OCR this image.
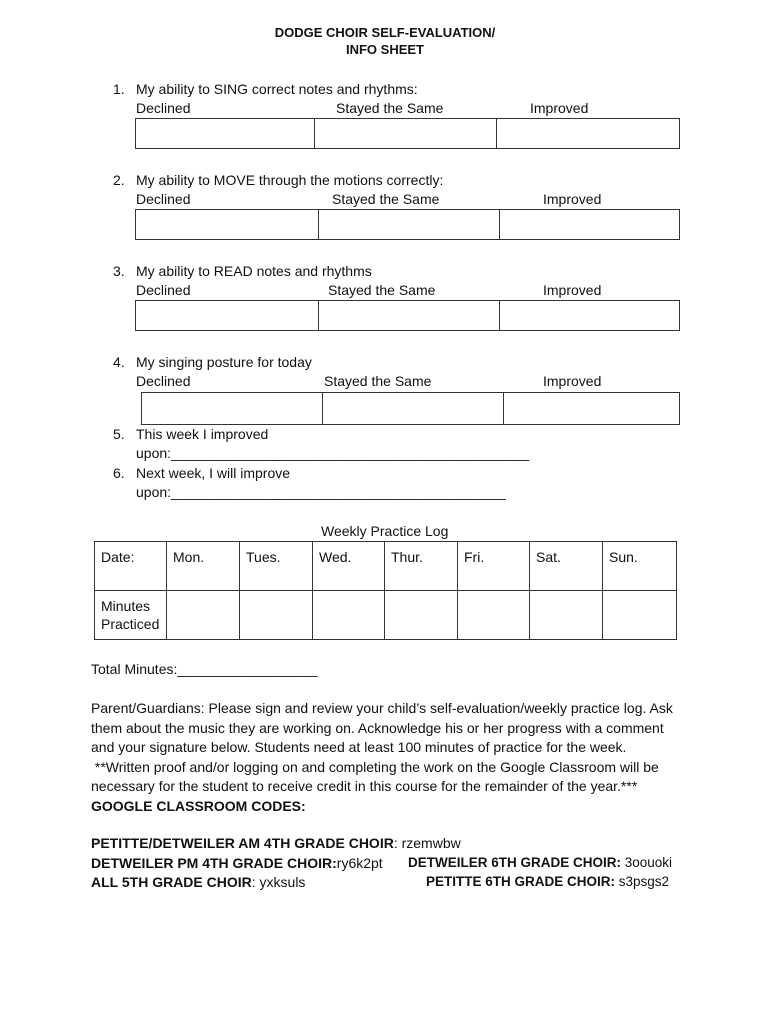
DODGE CHOIR SELF-EVALUATION/
INFO SHEET
1. My ability to SING correct notes and rhythms:
Declined	Stayed the Same	Improved
2. My ability to MOVE through the motions correctly:
Declined	Stayed the Same	Improved
3. My ability to READ notes and rhythms
Declined	Stayed the Same	Improved
4. My singing posture for today
Declined	Stayed the Same	Improved
5. This week I improved
upon:______________________________________________
6. Next week, I will improve
upon:___________________________________________
Weekly Practice Log
Date:	Mon.	Tues.	Wed.	Thur.	Fri.	Sat.	Sun.
Minutes Practiced							
Total Minutes:__________________
Parent/Guardians: Please sign and review your child’s self-evaluation/weekly practice log. Ask
them about the music they are working on. Acknowledge his or her progress with a comment
and your signature below. Students need at least 100 minutes of practice for the week.
**Written proof and/or logging on and completing the work on the Google Classroom will be
necessary for the student to receive credit in this course for the remainder of the year.***
GOOGLE CLASSROOM CODES:
PETITTE/DETWEILER AM 4TH GRADE CHOIR: rzemwbw
DETWEILER PM 4TH GRADE CHOIR:ry6k2pt DETWEILER 6TH GRADE CHOIR: 3oouoki
ALL 5TH GRADE CHOIR: yxksuls	PETITTE 6TH GRADE CHOIR: s3psgs2
